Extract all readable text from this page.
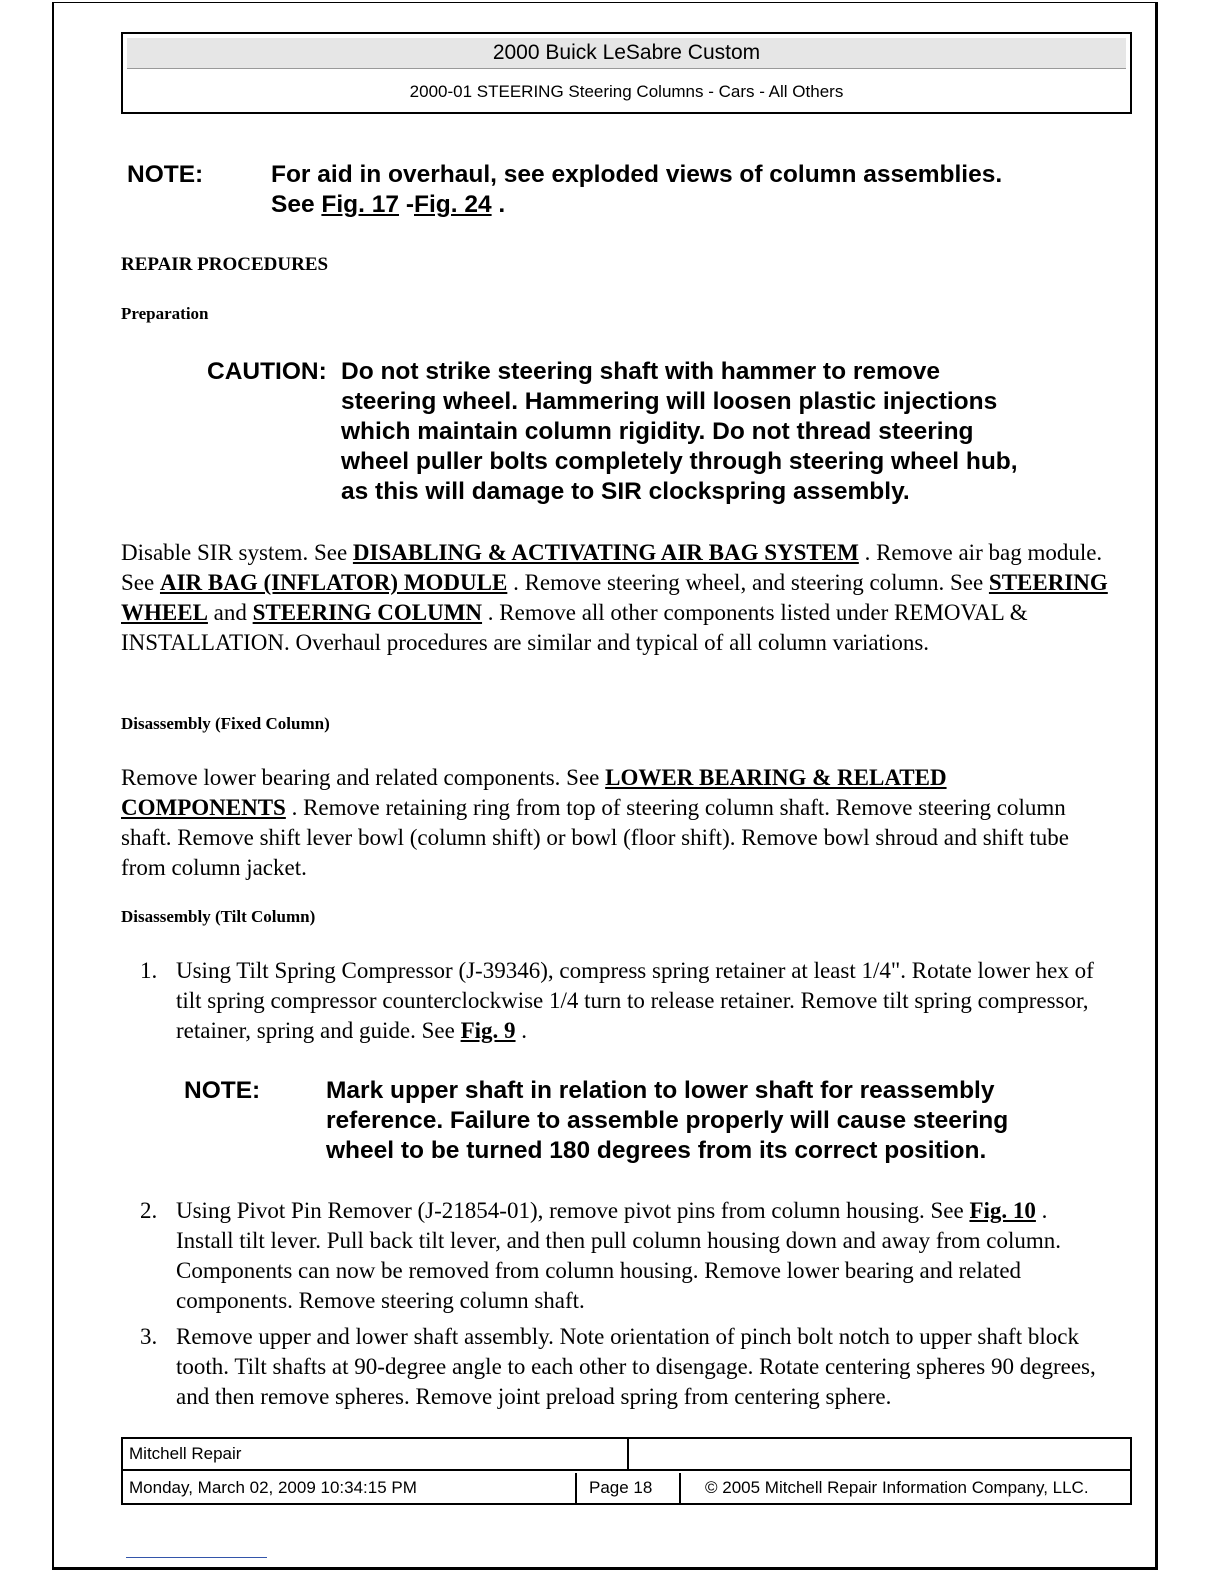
2000 Buick LeSabre Custom
2000-01 STEERING Steering Columns - Cars - All Others
NOTE:	For aid in overhaul, see exploded views of column assemblies.
See Fig. 17 -Fig. 24 .
REPAIR PROCEDURES
Preparation
CAUTION: Do not strike steering shaft with hammer to remove
steering wheel. Hammering will loosen plastic injections
which maintain column rigidity. Do not thread steering
wheel puller bolts completely through steering wheel hub,
as this will damage to SIR clockspring assembly.
Disable SIR system. See DISABLING & ACTIVATING AIR BAG SYSTEM . Remove air bag module. See AIR BAG (INFLATOR) MODULE . Remove steering wheel, and steering column. See STEERING WHEEL and STEERING COLUMN . Remove all other components listed under REMOVAL & INSTALLATION. Overhaul procedures are similar and typical of all column variations.
Disassembly (Fixed Column)
Remove lower bearing and related components. See LOWER BEARING & RELATED COMPONENTS . Remove retaining ring from top of steering column shaft. Remove steering column shaft. Remove shift lever bowl (column shift) or bowl (floor shift). Remove bowl shroud and shift tube from column jacket.
Disassembly (Tilt Column)
1. Using Tilt Spring Compressor (J-39346), compress spring retainer at least 1/4". Rotate lower hex of tilt spring compressor counterclockwise 1/4 turn to release retainer. Remove tilt spring compressor, retainer, spring and guide. See Fig. 9 .
NOTE:	Mark upper shaft in relation to lower shaft for reassembly
reference. Failure to assemble properly will cause steering
wheel to be turned 180 degrees from its correct position.
2. Using Pivot Pin Remover (J-21854-01), remove pivot pins from column housing. See Fig. 10 . Install tilt lever. Pull back tilt lever, and then pull column housing down and away from column. Components can now be removed from column housing. Remove lower bearing and related components. Remove steering column shaft.
3. Remove upper and lower shaft assembly. Note orientation of pinch bolt notch to upper shaft block tooth. Tilt shafts at 90-degree angle to each other to disengage. Rotate centering spheres 90 degrees, and then remove spheres. Remove joint preload spring from centering sphere.
Mitchell Repair
Monday, March 02, 2009 10:34:15 PM	Page 18	© 2005 Mitchell Repair Information Company, LLC.
